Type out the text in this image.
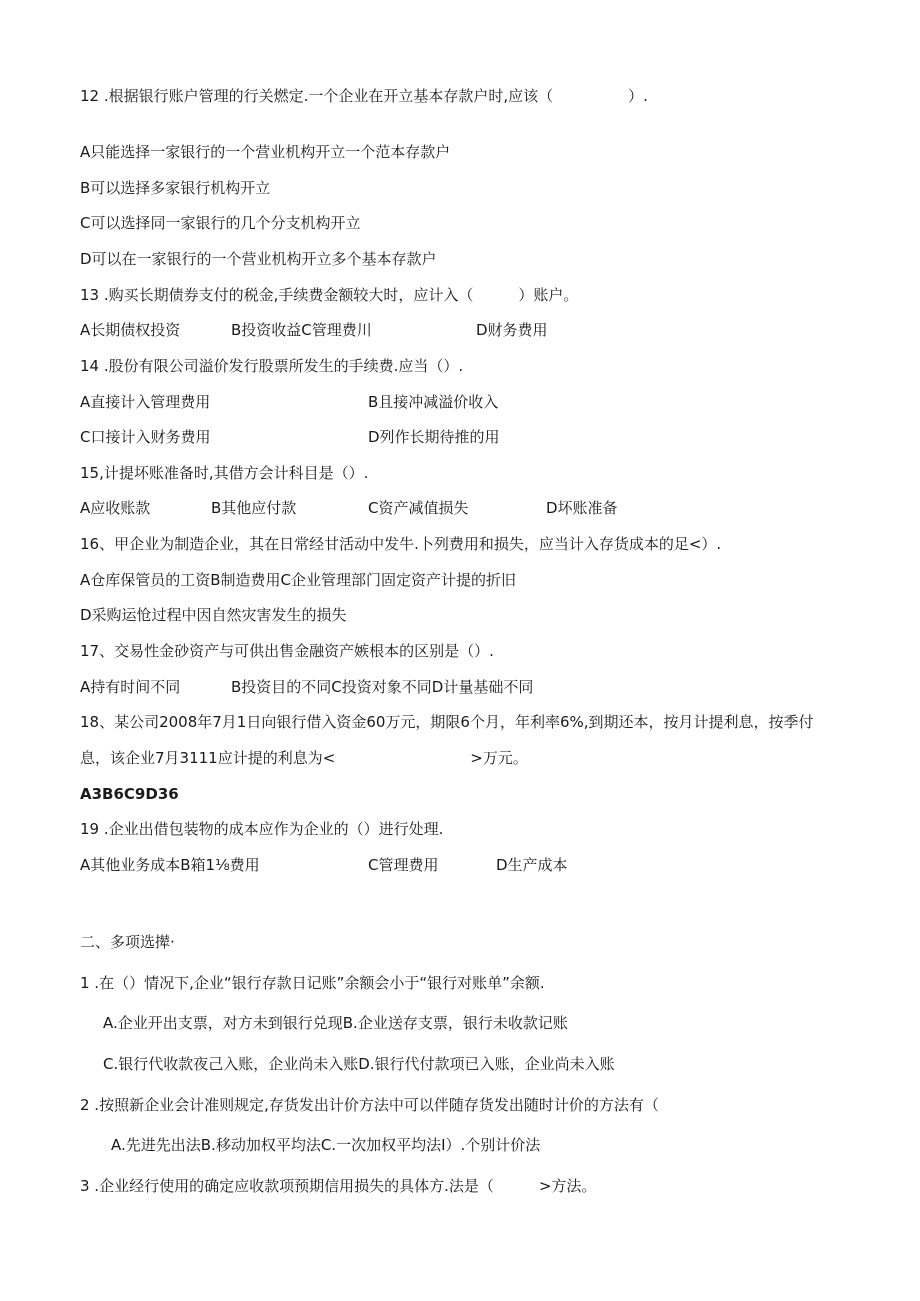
12 .根据银行账户管理的行关燃定.一个企业在开立基本存款户时,应该（　　　　　）.
A只能选择一家银行的一个营业机构开立一个范本存款户
B可以选择多家银行机构开立
C可以选择同一家银行的几个分支机构开立
D可以在一家银行的一个营业机构开立多个基本存款户
13 .购买长期债券支付的税金,手续费金额较大时，应计入（　　　）账户。
A长期债权投资	B投资收益C管理费川	D财务费用
14 .股份有限公司溢价发行股票所发生的手续费.应当（）.
A直接计入管理费用	B且接冲减溢价收入
C口接计入财务费用	D列作长期待推的用
15,计提坏账准备时,其借方会计科目是（）.
A应收账款	B其他应付款	C资产减值损失	D坏账准备
16、甲企业为制造企业，其在日常经甘活动中发牛.卜列费用和损失，应当计入存货成本的足<）.
A仓库保管员的工资B制造费用C企业管理部门固定资产计提的折旧
D采购运怆过程中因自然灾害发生的损失
17、交易性金砂资产与可供出售金融资产嫉根本的区别是（）.
A持有时间不同	B投资目的不同C投资对象不同D计量基础不同
18、某公司2008年7月1日向银行借入资金60万元，期限6个月，年利率6%,到期还本，按月计提利息，按季付
息，该企业7月3111应计提的利息为<　　　　　　　　　>万元。
A3B6C9D36
19 .企业出借包装物的成本应作为企业的（）进行处理.
A其他业务成本B箱1⅛费用	C管理费用	D生产成本
二、多项选撵·
1 .在（）情况下,企业“银行存款日记账”余额会小于“银行对账单”余额.
A.企业开出支票，对方未到银行兑现B.企业送存支票，银行未收款记账
C.银行代收款夜己入账，企业尚未入账D.银行代付款项已入账，企业尚未入账
2 .按照新企业会计准则规定,存货发出计价方法中可以伴随存货发出随时计价的方法有（
A.先进先出法B.移动加权平均法C.一次加权平均法I）.个别计价法
3 .企业经行使用的确定应收款项预期信用损失的具体方.法是（　　　>方法。
